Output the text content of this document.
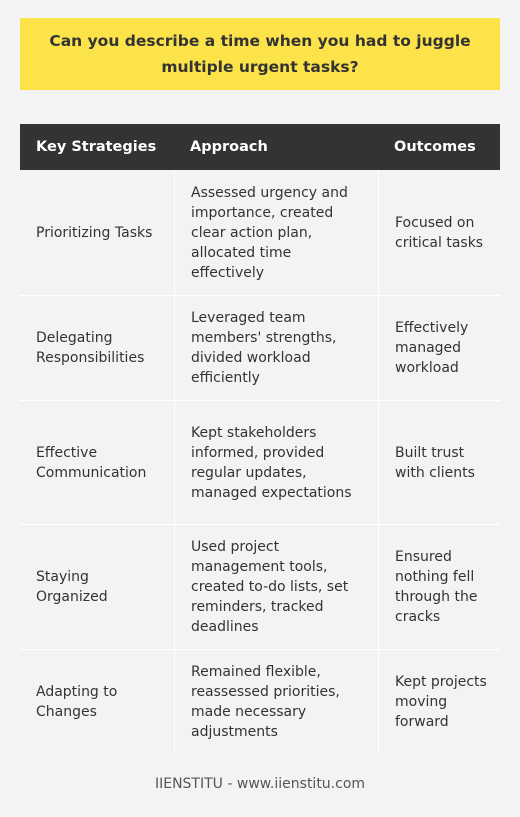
Can you describe a time when you had to juggle multiple urgent tasks?
Key Strategies	Approach	Outcomes
Prioritizing Tasks
Assessed urgency and importance, created clear action plan, allocated time effectively
Focused on critical tasks
Delegating Responsibilities
Leveraged team members' strengths, divided workload efficiently
Effectively managed workload
Effective Communication
Kept stakeholders informed, provided regular updates, managed expectations
Built trust with clients
Staying Organized
Used project management tools, created to-do lists, set reminders, tracked deadlines
Ensured nothing fell through the cracks
Adapting to Changes
Remained flexible, reassessed priorities, made necessary adjustments
Kept projects moving forward
IIENSTITU - www.iienstitu.com
